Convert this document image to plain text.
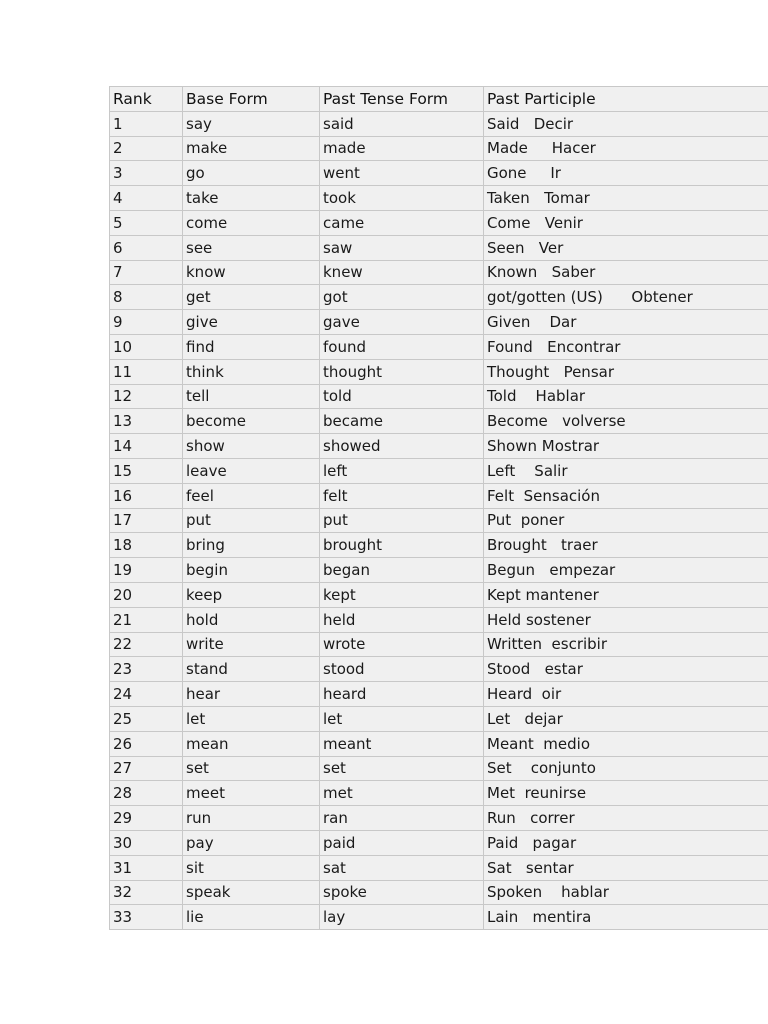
Rank	Base Form	Past Tense Form	Past Participle
1	say	said	Said   Decir
2	make	made	Made     Hacer
3	go	went	Gone     Ir
4	take	took	Taken   Tomar
5	come	came	Come   Venir
6	see	saw	Seen   Ver
7	know	knew	Known   Saber
8	get	got	got/gotten (US)      Obtener
9	give	gave	Given    Dar
10	find	found	Found   Encontrar
11	think	thought	Thought   Pensar
12	tell	told	Told    Hablar
13	become	became	Become   volverse
14	show	showed	Shown Mostrar
15	leave	left	Left    Salir
16	feel	felt	Felt  Sensación
17	put	put	Put  poner
18	bring	brought	Brought   traer
19	begin	began	Begun   empezar
20	keep	kept	Kept mantener
21	hold	held	Held sostener
22	write	wrote	Written  escribir
23	stand	stood	Stood   estar
24	hear	heard	Heard  oir
25	let	let	Let   dejar
26	mean	meant	Meant  medio
27	set	set	Set    conjunto
28	meet	met	Met  reunirse
29	run	ran	Run   correr
30	pay	paid	Paid   pagar
31	sit	sat	Sat   sentar
32	speak	spoke	Spoken    hablar
33	lie	lay	Lain   mentira
